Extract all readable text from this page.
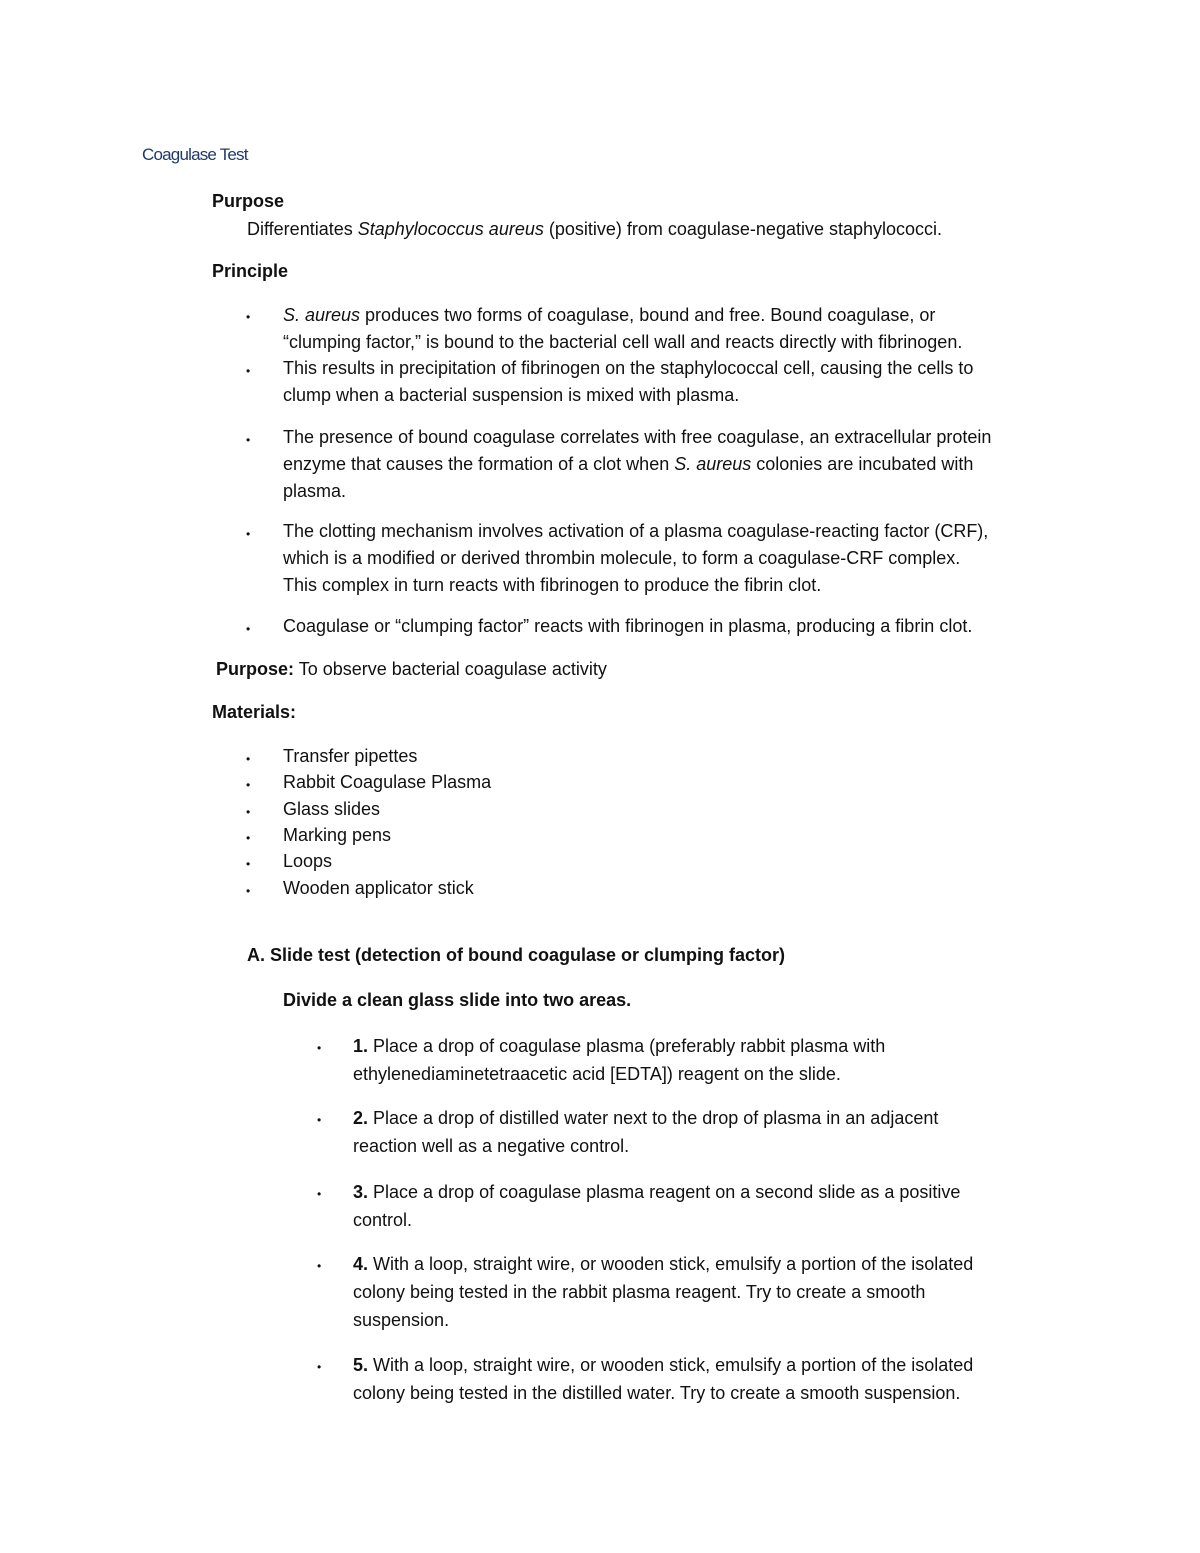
Coagulase Test
Purpose
Differentiates Staphylococcus aureus (positive) from coagulase-negative staphylococci.
Principle
• S. aureus produces two forms of coagulase, bound and free. Bound coagulase, or
“clumping factor,” is bound to the bacterial cell wall and reacts directly with fibrinogen.
• This results in precipitation of fibrinogen on the staphylococcal cell, causing the cells to
clump when a bacterial suspension is mixed with plasma.
• The presence of bound coagulase correlates with free coagulase, an extracellular protein
enzyme that causes the formation of a clot when S. aureus colonies are incubated with
plasma.
• The clotting mechanism involves activation of a plasma coagulase-reacting factor (CRF),
which is a modified or derived thrombin molecule, to form a coagulase-CRF complex.
This complex in turn reacts with fibrinogen to produce the fibrin clot.
• Coagulase or “clumping factor” reacts with fibrinogen in plasma, producing a fibrin clot.
Purpose: To observe bacterial coagulase activity
Materials:
• Transfer pipettes
• Rabbit Coagulase Plasma
• Glass slides
• Marking pens
• Loops
• Wooden applicator stick
A. Slide test (detection of bound coagulase or clumping factor)
Divide a clean glass slide into two areas.
• 1. Place a drop of coagulase plasma (preferably rabbit plasma with
ethylenediaminetetraacetic acid [EDTA]) reagent on the slide.
• 2. Place a drop of distilled water next to the drop of plasma in an adjacent
reaction well as a negative control.
• 3. Place a drop of coagulase plasma reagent on a second slide as a positive
control.
• 4. With a loop, straight wire, or wooden stick, emulsify a portion of the isolated
colony being tested in the rabbit plasma reagent. Try to create a smooth
suspension.
• 5. With a loop, straight wire, or wooden stick, emulsify a portion of the isolated
colony being tested in the distilled water. Try to create a smooth suspension.
